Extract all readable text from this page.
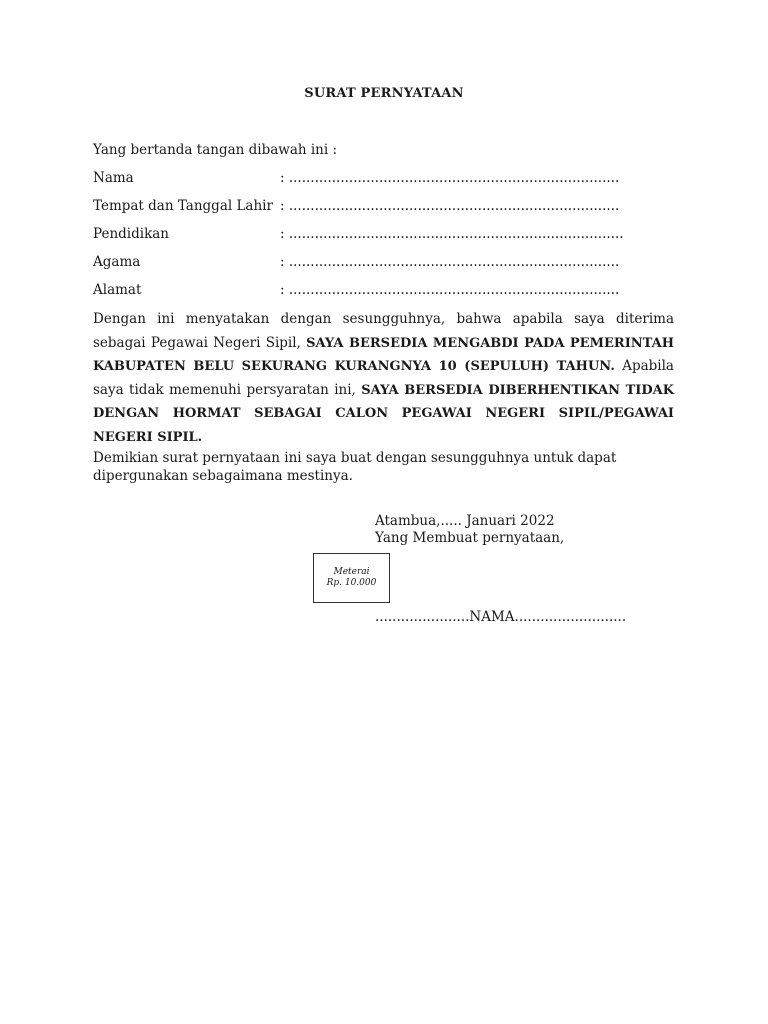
SURAT PERNYATAAN
Yang bertanda tangan dibawah ini :
Nama	: .............................................................................
Tempat dan Tanggal Lahir : .............................................................................
Pendidikan	: ..............................................................................
Agama	: .............................................................................
Alamat	: .............................................................................
Dengan ini menyatakan dengan sesungguhnya, bahwa apabila saya diterima sebagai Pegawai Negeri Sipil, SAYA BERSEDIA MENGABDI PADA PEMERINTAH KABUPATEN BELU SEKURANG KURANGNYA 10 (SEPULUH) TAHUN. Apabila saya tidak memenuhi persyaratan ini, SAYA BERSEDIA DIBERHENTIKAN TIDAK DENGAN HORMAT SEBAGAI CALON PEGAWAI NEGERI SIPIL/PEGAWAI NEGERI SIPIL.
Demikian surat pernyataan ini saya buat dengan sesungguhnya untuk dapat dipergunakan sebagaimana mestinya.
Atambua,..... Januari 2022
Yang Membuat pernyataan,
Meterai
Rp. 10.000
......................NAMA..........................
